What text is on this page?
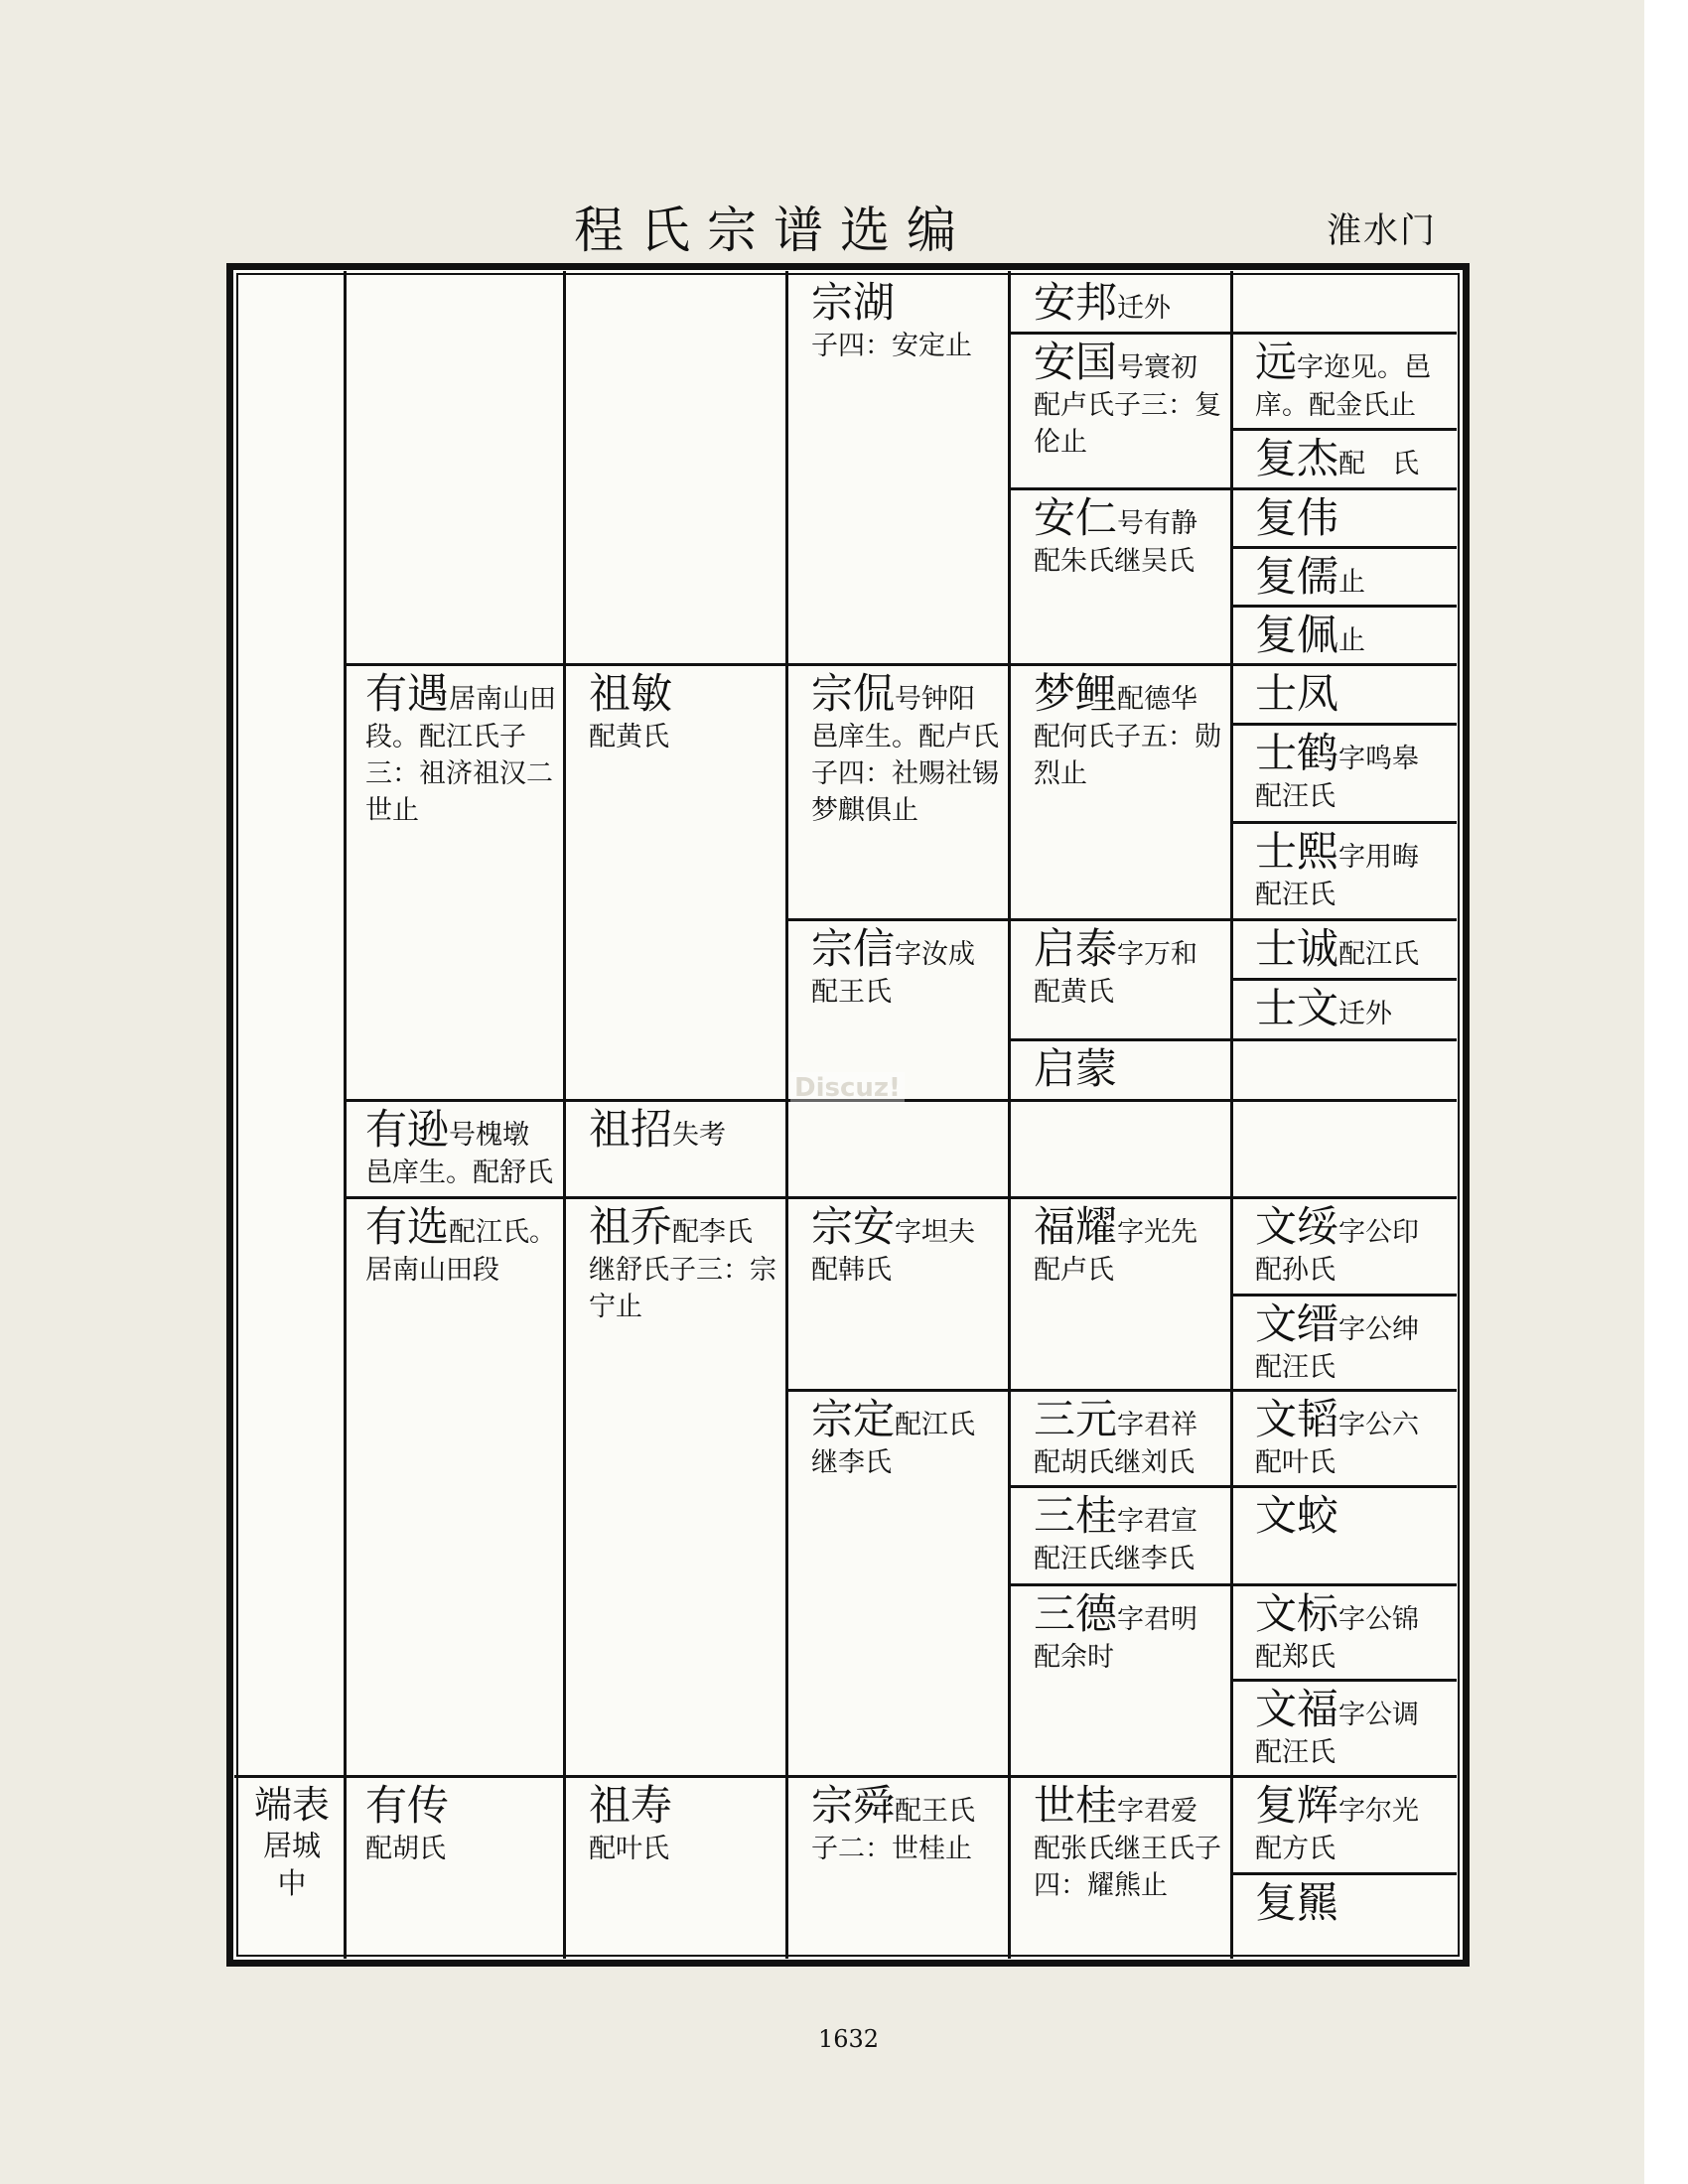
程氏宗谱选编	淮水门
宗湖
子四：安定止
安邦迁外
安国号寰初
配卢氏子三：复伦止
远字迩见。邑庠。配金氏止
复杰配　氏
安仁号有静
配朱氏继吴氏
复伟
复儒止
复佩止
有遇居南山田段。配江氏子三：祖济祖汉二世止
祖敏
配黄氏
宗侃号钟阳
邑庠生。配卢氏子四：社赐社锡梦麒俱止
梦鲤配德华
配何氏子五：勋烈止
士凤
士鹤字鸣皋
配汪氏
士熙字用晦
配汪氏
宗信字汝成
配王氏
启泰字万和
配黄氏
士诚配江氏
士文迁外
启蒙
Discuz!
有逊号槐墩
邑庠生。配舒氏
祖招失考
有选配江氏。居南山田段
祖乔配李氏
继舒氏子三：宗宁止
宗安字坦夫
配韩氏
福耀字光先
配卢氏
文绥字公印
配孙氏
文缙字公绅
配汪氏
宗定配江氏
继李氏
三元字君祥
配胡氏继刘氏
文韬字公六
配叶氏
三桂字君宣
配汪氏继李氏
文蛟
三德字君明
配余时
文标字公锦
配郑氏
文福字公调
配汪氏
端表
居城中
有传
配胡氏
祖寿
配叶氏
宗舜配王氏
子二：世桂止
世桂字君爱
配张氏继王氏子四：耀熊止
复辉字尔光
配方氏
复羆
1632
